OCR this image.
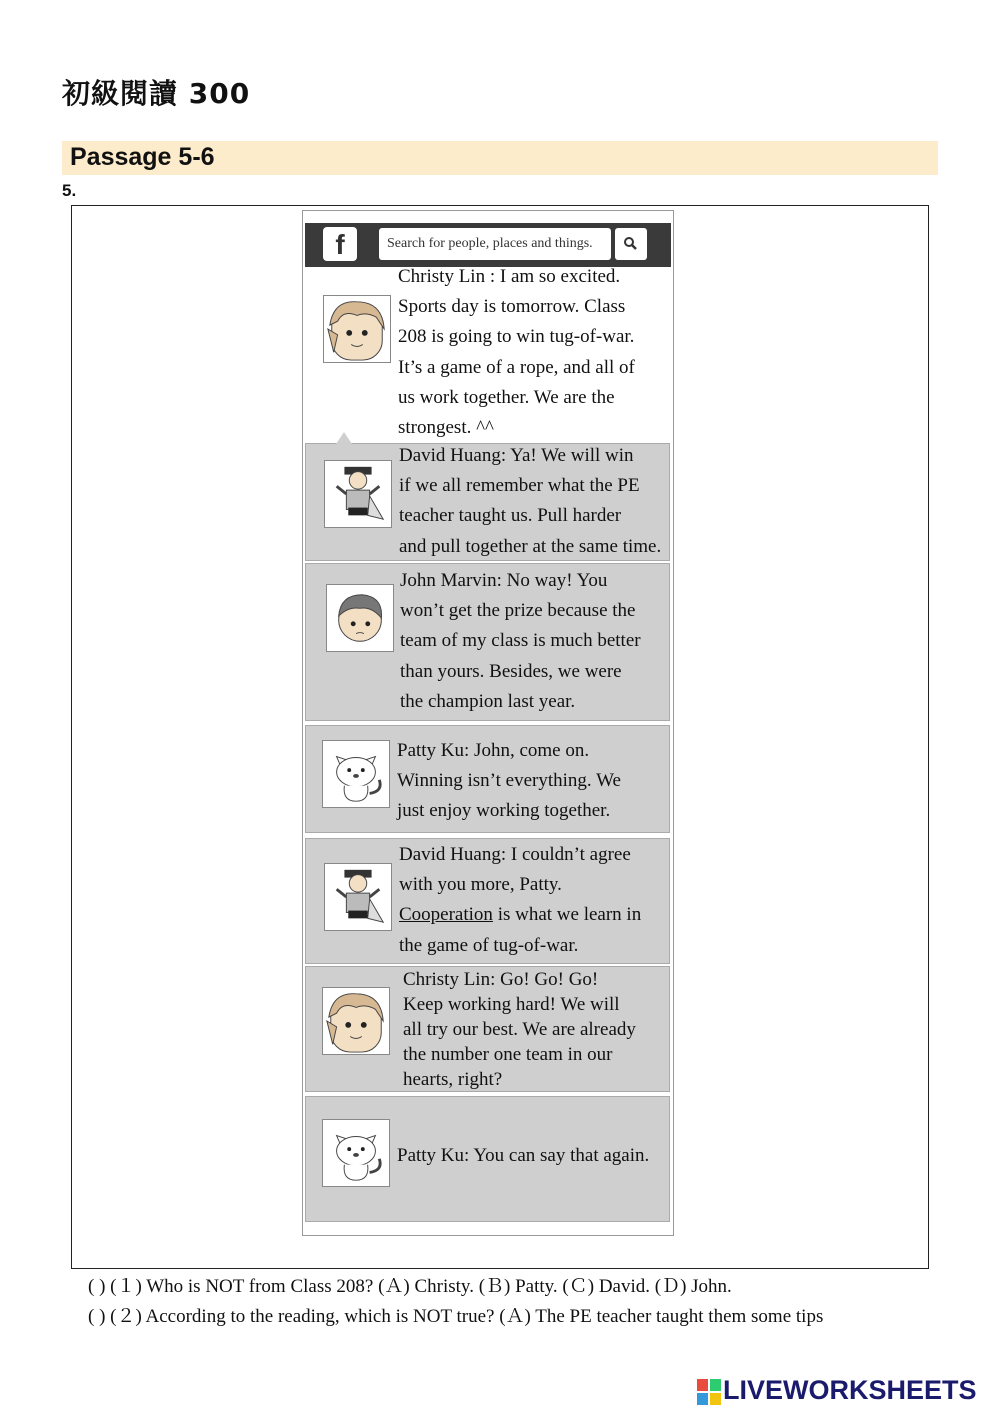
初級閱讀 300
Passage 5-6
5.
f	Search for people, places and things.
Christy Lin : I am so excited.
Sports day is tomorrow. Class
208 is going to win tug-of-war.
It’s a game of a rope, and all of
us work together. We are the
strongest. ^^
David Huang: Ya! We will win
if we all remember what the PE
teacher taught us. Pull harder
and pull together at the same time.
John Marvin: No way! You
won’t get the prize because the
team of my class is much better
than yours. Besides, we were
the champion last year.
Patty Ku: John, come on.
Winning isn’t everything. We
just enjoy working together.
David Huang: I couldn’t agree
with you more, Patty.
Cooperation is what we learn in
the game of tug-of-war.
Christy Lin: Go! Go! Go!
Keep working hard! We will
all try our best. We are already
the number one team in our
hearts, right?
Patty Ku: You can say that again.
( ) (１) Who is NOT from Class 208? (Ａ) Christy. (Ｂ) Patty. (Ｃ) David. (Ｄ) John.
( ) (２) According to the reading, which is NOT true? (Ａ) The PE teacher taught them some tips
LIVEWORKSHEETS
